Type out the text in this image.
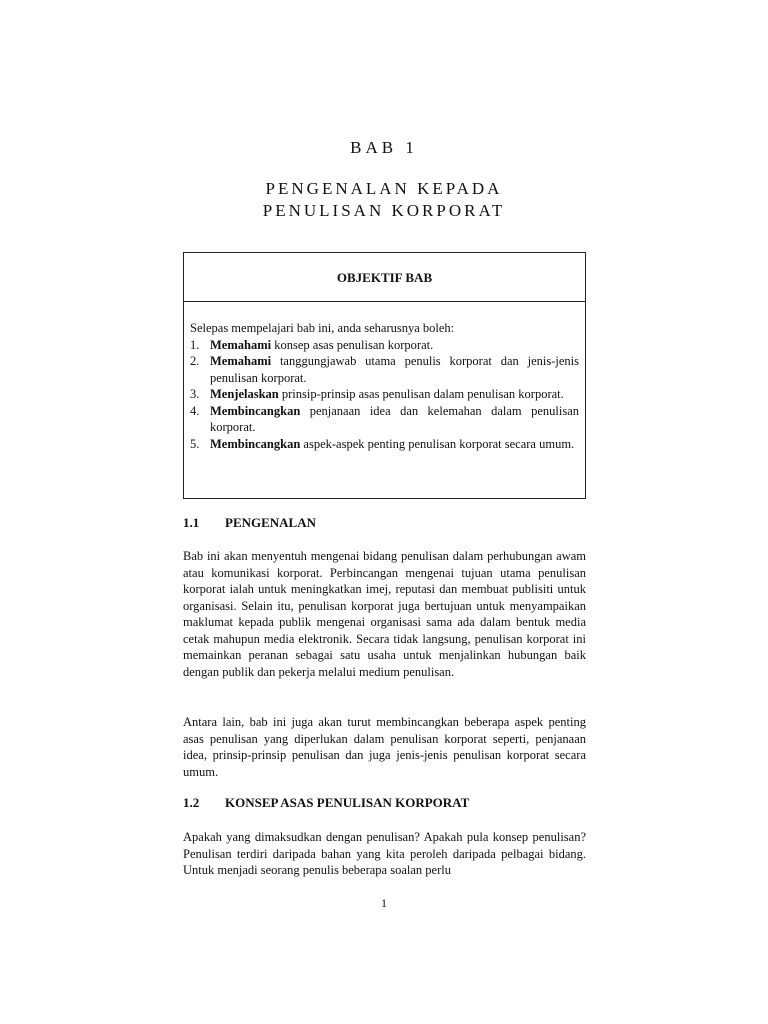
BAB 1
PENGENALAN KEPADA
PENULISAN KORPORAT
OBJEKTIF BAB

Selepas mempelajari bab ini, anda seharusnya boleh:

1. Memahami konsep asas penulisan korporat.
2. Memahami tanggungjawab utama penulis korporat dan jenis-jenis penulisan korporat.
3. Menjelaskan prinsip-prinsip asas penulisan dalam penulisan korporat.
4. Membincangkan penjanaan idea dan kelemahan dalam penulisan korporat.
5. Membincangkan aspek-aspek penting penulisan korporat secara umum.
1.1 PENGENALAN

Bab ini akan menyentuh mengenai bidang penulisan dalam perhubungan awam atau komunikasi korporat. Perbincangan mengenai tujuan utama penulisan korporat ialah untuk meningkatkan imej, reputasi dan membuat publisiti untuk organisasi. Selain itu, penulisan korporat juga bertujuan untuk menyampaikan maklumat kepada publik mengenai organisasi sama ada dalam bentuk media cetak mahupun media elektronik. Secara tidak langsung, penulisan korporat ini memainkan peranan sebagai satu usaha untuk menjalinkan hubungan baik dengan publik dan pekerja melalui medium penulisan.

Antara lain, bab ini juga akan turut membincangkan beberapa aspek penting asas penulisan yang diperlukan dalam penulisan korporat seperti, penjanaan idea, prinsip-prinsip penulisan dan juga jenis-jenis penulisan korporat secara umum.

1.2 KONSEP ASAS PENULISAN KORPORAT

Apakah yang dimaksudkan dengan penulisan? Apakah pula konsep penulisan? Penulisan terdiri daripada bahan yang kita peroleh daripada pelbagai bidang. Untuk menjadi seorang penulis beberapa soalan perlu

1
